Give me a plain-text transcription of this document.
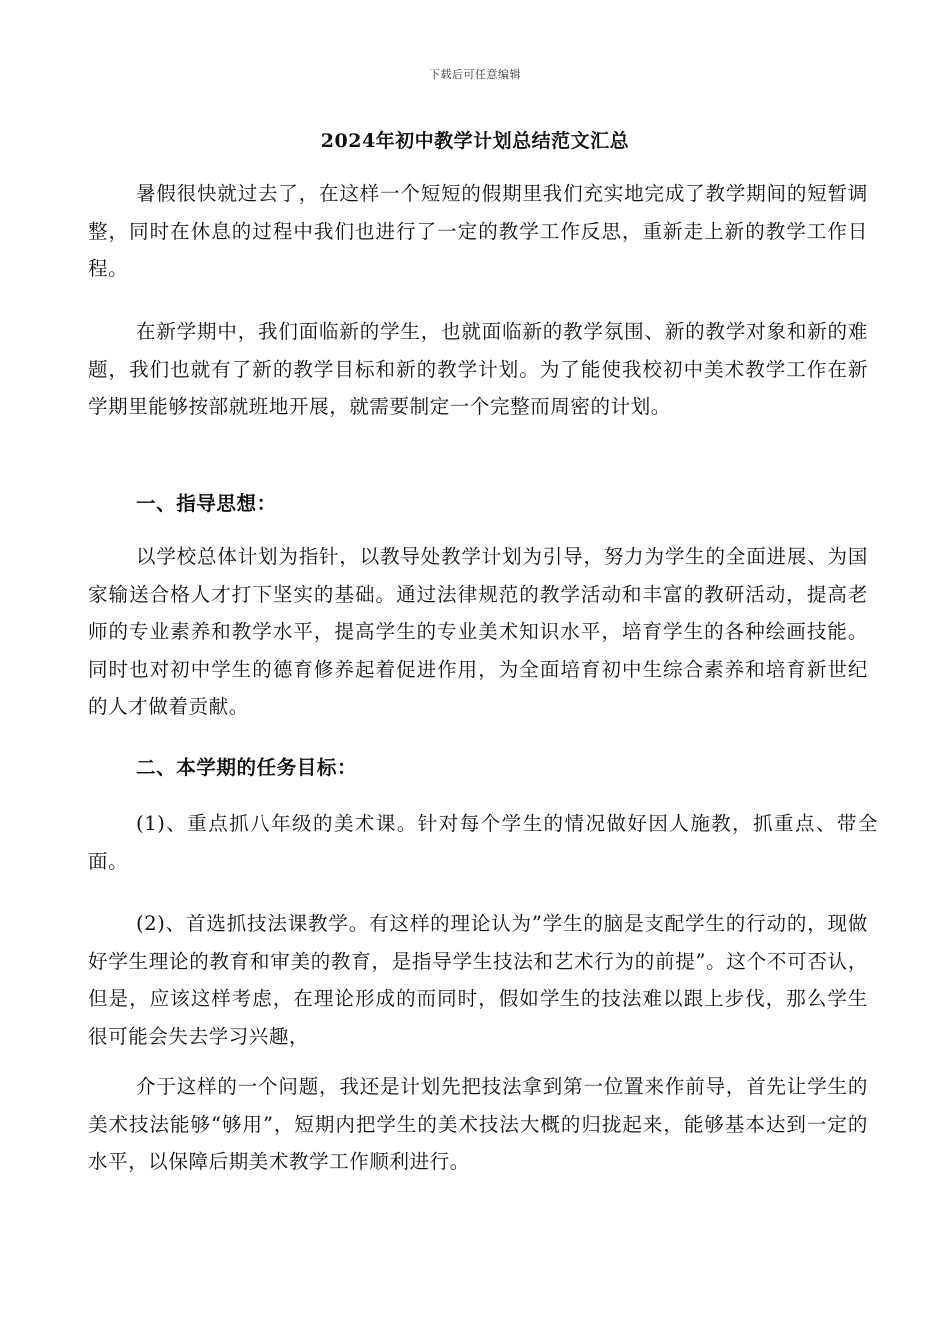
下载后可任意编辑
2024年初中教学计划总结范文汇总

暑假很快就过去了，在这样一个短短的假期里我们充实地完成了教学期间的短暂调整，同时在休息的过程中我们也进行了一定的教学工作反思，重新走上新的教学工作日程。

在新学期中，我们面临新的学生，也就面临新的教学氛围、新的教学对象和新的难题，我们也就有了新的教学目标和新的教学计划。为了能使我校初中美术教学工作在新学期里能够按部就班地开展，就需要制定一个完整而周密的计划。

一、指导思想：

以学校总体计划为指针，以教导处教学计划为引导，努力为学生的全面进展、为国家输送合格人才打下坚实的基础。通过法律规范的教学活动和丰富的教研活动，提高老师的专业素养和教学水平，提高学生的专业美术知识水平，培育学生的各种绘画技能。同时也对初中学生的德育修养起着促进作用，为全面培育初中生综合素养和培育新世纪的人才做着贡献。

二、本学期的任务目标：

(1)、重点抓八年级的美术课。针对每个学生的情况做好因人施教，抓重点、带全面。

(2)、首选抓技法课教学。有这样的理论认为”学生的脑是支配学生的行动的，现做好学生理论的教育和审美的教育，是指导学生技法和艺术行为的前提”。这个不可否认，但是，应该这样考虑，在理论形成的而同时，假如学生的技法难以跟上步伐，那么学生很可能会失去学习兴趣，

介于这样的一个问题，我还是计划先把技法拿到第一位置来作前导，首先让学生的美术技法能够“够用”，短期内把学生的美术技法大概的归拢起来，能够基本达到一定的水平，以保障后期美术教学工作顺利进行。
